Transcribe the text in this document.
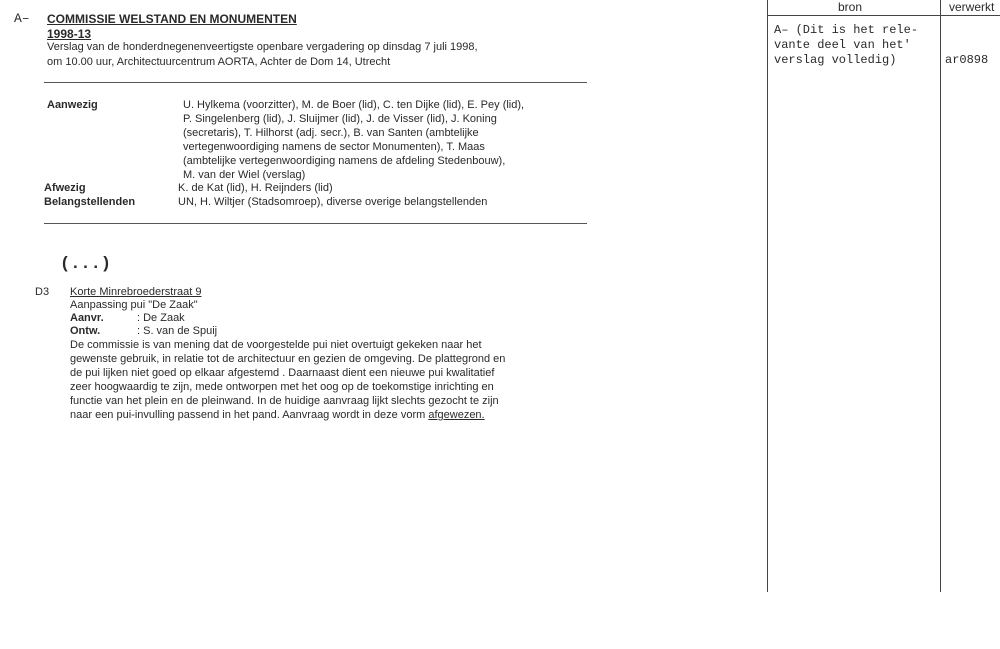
A– COMMISSIE WELSTAND EN MONUMENTEN
1998-13
Verslag van de honderdnegenenveertigste openbare vergadering op dinsdag 7 juli 1998,
om 10.00 uur, Architectuurcentrum AORTA, Achter de Dom 14, Utrecht
Aanwezig	U. Hylkema (voorzitter), M. de Boer (lid), C. ten Dijke (lid), E. Pey (lid),
P. Singelenberg (lid), J. Sluijmer (lid), J. de Visser (lid), J. Koning
(secretaris), T. Hilhorst (adj. secr.), B. van Santen (ambtelijke
vertegenwoordiging namens de sector Monumenten), T. Maas
(ambtelijke vertegenwoordiging namens de afdeling Stedenbouw),
M. van der Wiel (verslag)
Afwezig	K. de Kat (lid), H. Reijnders (lid)
Belangstellenden	UN, H. Wiltjer (Stadsomroep), diverse overige belangstellenden
(...)
D3 Korte Minrebroederstraat 9
Aanpassing pui "De Zaak"
Aanvr.	: De Zaak
Ontw.	: S. van de Spuij
De commissie is van mening dat de voorgestelde pui niet overtuigt gekeken naar het
gewenste gebruik, in relatie tot de architectuur en gezien de omgeving. De plattegrond en
de pui lijken niet goed op elkaar afgestemd . Daarnaast dient een nieuwe pui kwalitatief
zeer hoogwaardig te zijn, mede ontworpen met het oog op de toekomstige inrichting en
functie van het plein en de pleinwand. In de huidige aanvraag lijkt slechts gezocht te zijn
naar een pui-invulling passend in het pand. Aanvraag wordt in deze vorm afgewezen.
bron	verwerkt
A– (Dit is het rele-
vante deel van het'
verslag volledig)	ar0898
